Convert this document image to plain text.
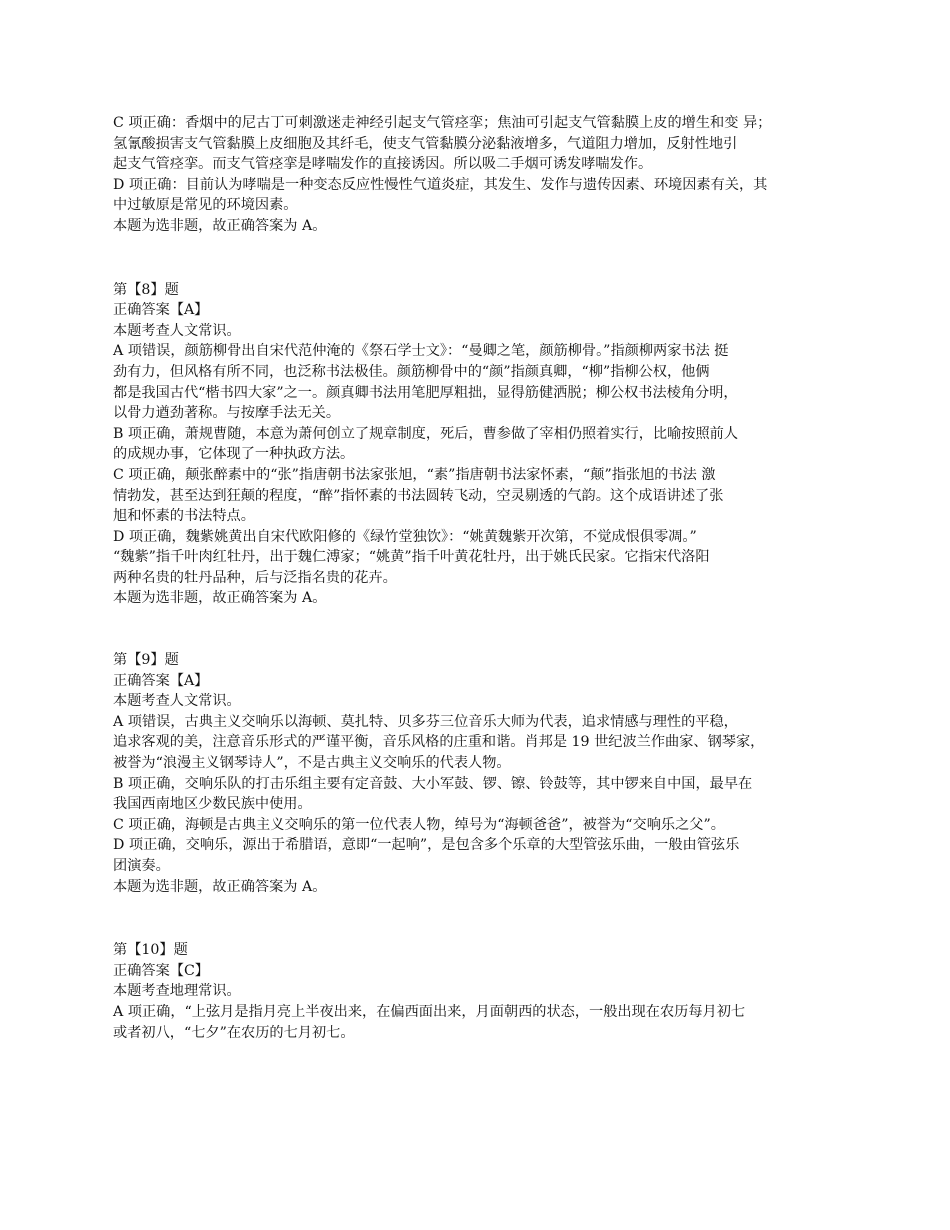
C 项正确：香烟中的尼古丁可刺激迷走神经引起支气管痉挛；焦油可引起支气管黏膜上皮的增生和变 异；
氢氰酸损害支气管黏膜上皮细胞及其纤毛，使支气管黏膜分泌黏液增多，气道阻力增加，反射性地引
起支气管痉挛。而支气管痉挛是哮喘发作的直接诱因。所以吸二手烟可诱发哮喘发作。
D 项正确：目前认为哮喘是一种变态反应性慢性气道炎症，其发生、发作与遗传因素、环境因素有关，其
中过敏原是常见的环境因素。
本题为选非题，故正确答案为 A。
第【8】题
正确答案【A】
本题考查人文常识。
A 项错误，颜筋柳骨出自宋代范仲淹的《祭石学士文》：“曼卿之笔，颜筋柳骨。”指颜柳两家书法 挺
劲有力，但风格有所不同，也泛称书法极佳。颜筋柳骨中的“颜”指颜真卿，“柳”指柳公权，他俩
都是我国古代“楷书四大家”之一。颜真卿书法用笔肥厚粗拙，显得筋健洒脱；柳公权书法棱角分明，
以骨力遒劲著称。与按摩手法无关。
B 项正确，萧规曹随，本意为萧何创立了规章制度，死后，曹参做了宰相仍照着实行，比喻按照前人
的成规办事，它体现了一种执政方法。
C 项正确，颠张醉素中的“张”指唐朝书法家张旭，“素”指唐朝书法家怀素，“颠”指张旭的书法 激
情勃发，甚至达到狂颠的程度，“醉”指怀素的书法圆转飞动，空灵剔透的气韵。这个成语讲述了张
旭和怀素的书法特点。
D 项正确，魏紫姚黄出自宋代欧阳修的《绿竹堂独饮》：“姚黄魏紫开次第，不觉成恨俱零凋。”
“魏紫”指千叶肉红牡丹，出于魏仁溥家；“姚黄”指千叶黄花牡丹，出于姚氏民家。它指宋代洛阳
两种名贵的牡丹品种，后与泛指名贵的花卉。
本题为选非题，故正确答案为 A。
第【9】题
正确答案【A】
本题考查人文常识。
A 项错误，古典主义交响乐以海顿、莫扎特、贝多芬三位音乐大师为代表，追求情感与理性的平稳，
追求客观的美，注意音乐形式的严谨平衡，音乐风格的庄重和谐。肖邦是 19 世纪波兰作曲家、钢琴家，
被誉为“浪漫主义钢琴诗人”，不是古典主义交响乐的代表人物。
B 项正确，交响乐队的打击乐组主要有定音鼓、大小军鼓、锣、镲、铃鼓等，其中锣来自中国，最早在
我国西南地区少数民族中使用。
C 项正确，海顿是古典主义交响乐的第一位代表人物，绰号为“海顿爸爸”，被誉为“交响乐之父”。
D 项正确，交响乐，源出于希腊语，意即“一起响”，是包含多个乐章的大型管弦乐曲，一般由管弦乐
团演奏。
本题为选非题，故正确答案为 A。
第【10】题
正确答案【C】
本题考查地理常识。
A 项正确，“上弦月是指月亮上半夜出来，在偏西面出来，月面朝西的状态，一般出现在农历每月初七
或者初八，“七夕”在农历的七月初七。
